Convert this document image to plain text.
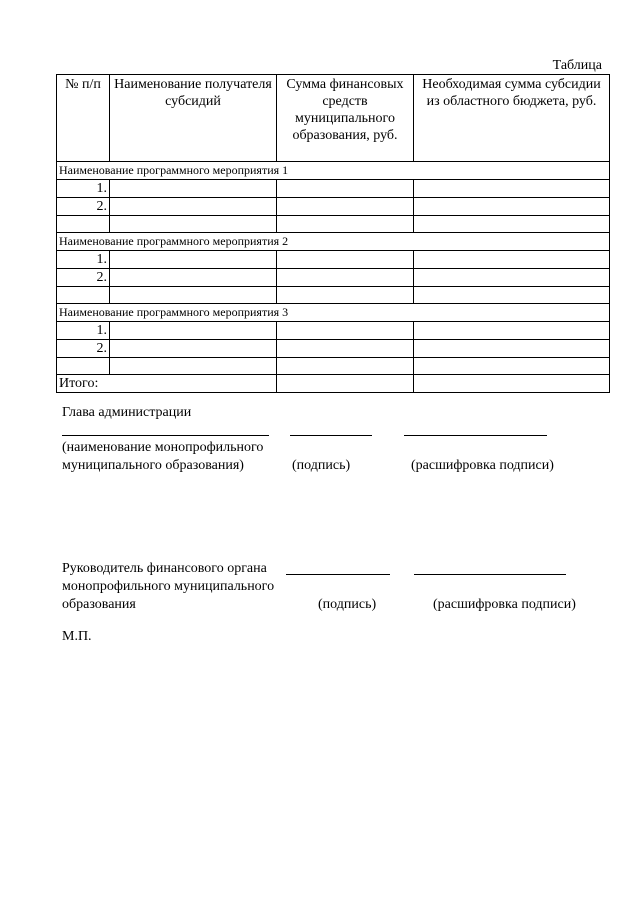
Таблица
№ п/п	Наименование получателя субсидий	Сумма финансовых средств муниципального образования, руб.	Необходимая сумма субсидии из областного бюджета, руб.
Наименование программного мероприятия 1			
1.			
2.			

Наименование программного мероприятия 2			
1.			
2.			

Наименование программного мероприятия 3			
1.			
2.			

Итого:			
Глава администрации
(наименование монопрофильного
муниципального образования)	(подпись)	(расшифровка подписи)
Руководитель финансового органа
монопрофильного муниципального
образования	(подпись)	(расшифровка подписи)
М.П.
